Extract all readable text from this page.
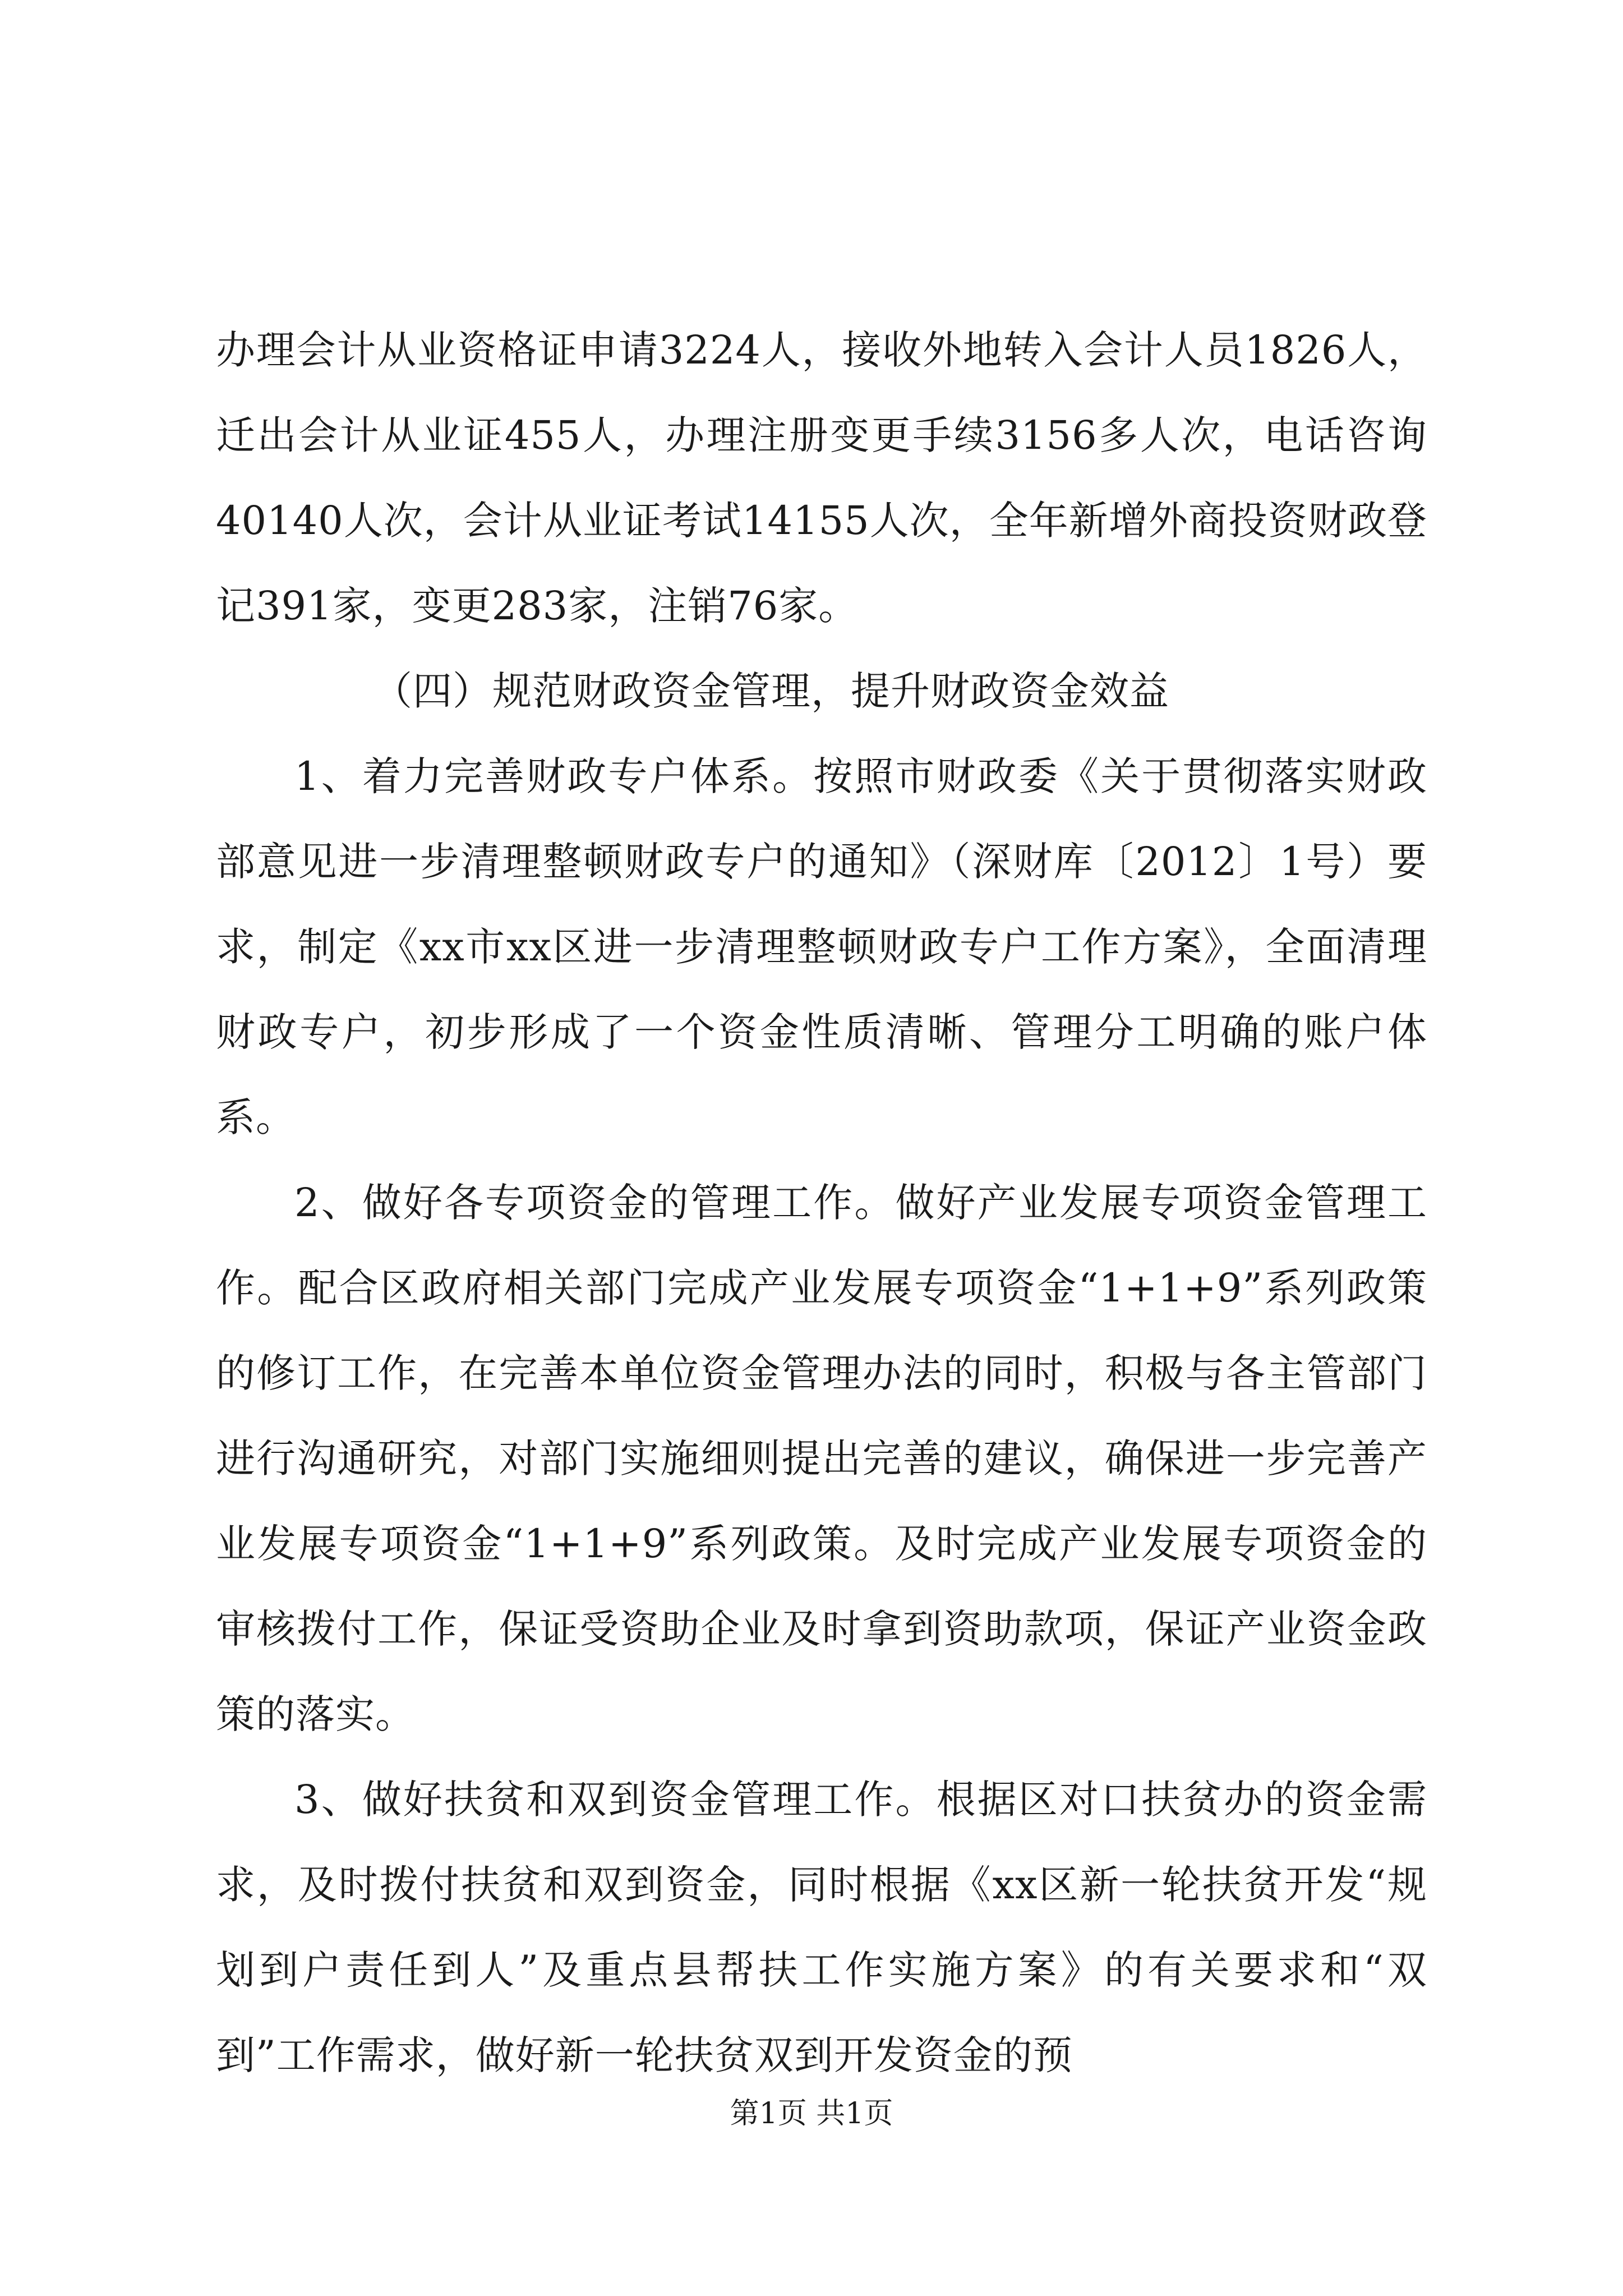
办理会计从业资格证申请3224人，接收外地转入会计人员1826人，迁出会计从业证455人，办理注册变更手续3156多人次，电话咨询40140人次，会计从业证考试14155人次，全年新增外商投资财政登记391家，变更283家，注销76家。

（四）规范财政资金管理，提升财政资金效益

1、着力完善财政专户体系。按照市财政委《关于贯彻落实财政部意见进一步清理整顿财政专户的通知》（深财库〔2012〕1号）要求，制定《xx市xx区进一步清理整顿财政专户工作方案》，全面清理财政专户，初步形成了一个资金性质清晰、管理分工明确的账户体系。

2、做好各专项资金的管理工作。做好产业发展专项资金管理工作。配合区政府相关部门完成产业发展专项资金“1+1+9”系列政策的修订工作，在完善本单位资金管理办法的同时，积极与各主管部门进行沟通研究，对部门实施细则提出完善的建议，确保进一步完善产业发展专项资金“1+1+9”系列政策。及时完成产业发展专项资金的审核拨付工作，保证受资助企业及时拿到资助款项，保证产业资金政策的落实。

3、做好扶贫和双到资金管理工作。根据区对口扶贫办的资金需求，及时拨付扶贫和双到资金，同时根据《xx区新一轮扶贫开发“规划到户责任到人”及重点县帮扶工作实施方案》的有关要求和“双到”工作需求，做好新一轮扶贫双到开发资金的预

第1页 共1页
